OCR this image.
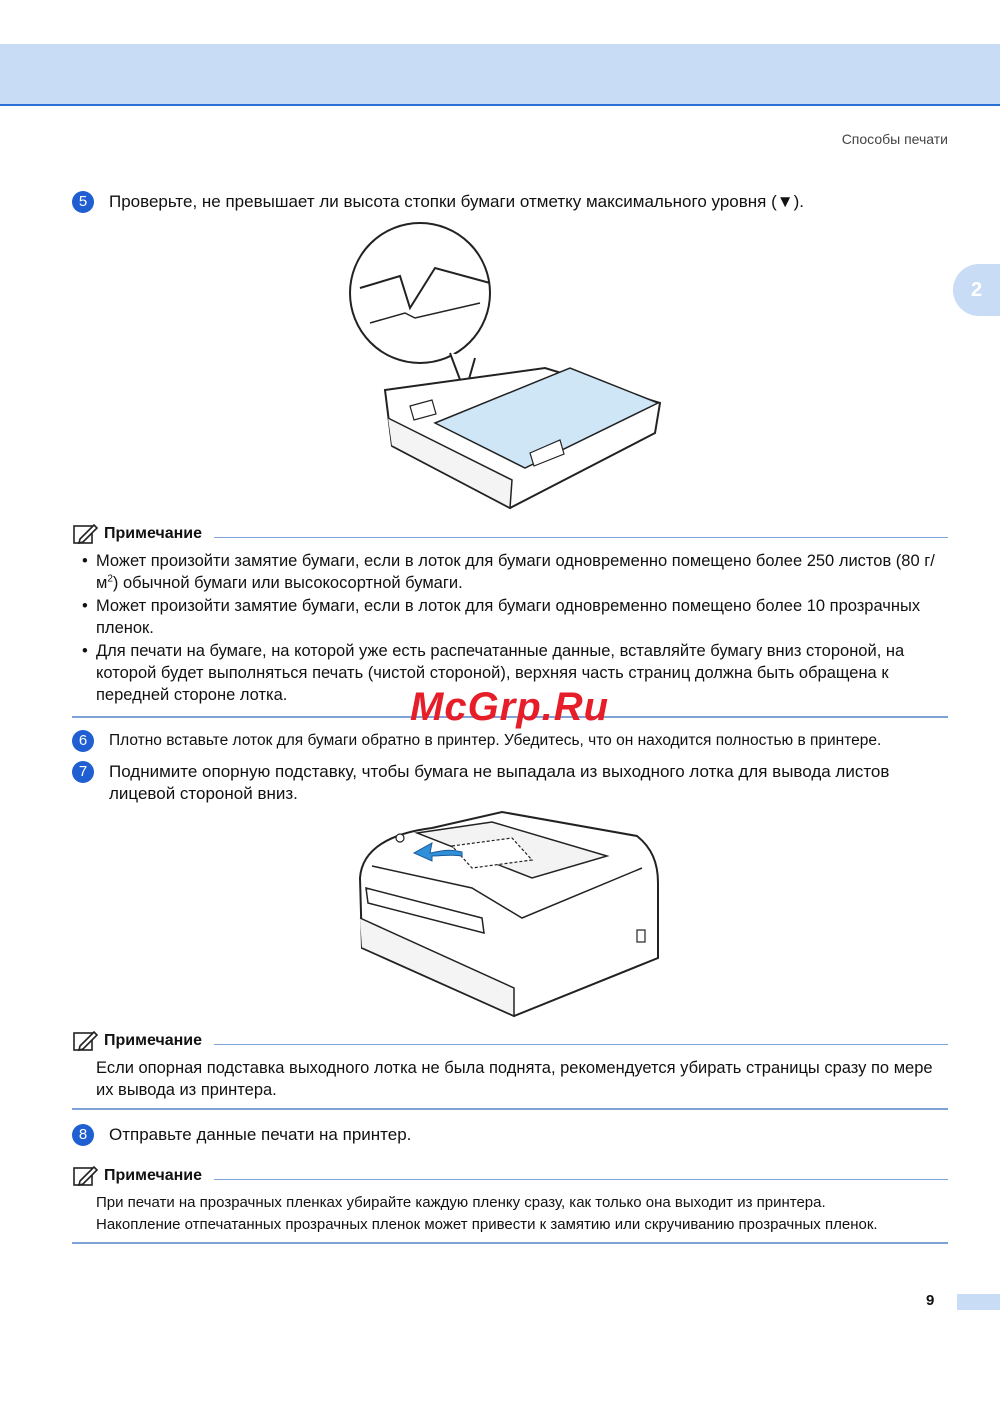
Способы печати
2
5	Проверьте, не превышает ли высота стопки бумаги отметку максимального уровня (▼).
Примечание
• Может произойти замятие бумаги, если в лоток для бумаги одновременно помещено более 250 листов (80 $г/м^2$) обычной бумаги или высокосортной бумаги.
• Может произойти замятие бумаги, если в лоток для бумаги одновременно помещено более 10 прозрачных пленок.
• Для печати на бумаге, на которой уже есть распечатанные данные, вставляйте бумагу вниз стороной, на которой будет выполняться печать (чистой стороной), верхняя часть страниц должна быть обращена к передней стороне лотка.	McGrp.Ru
6	Плотно вставьте лоток для бумаги обратно в принтер. Убедитесь, что он находится полностью в принтере.
7	Поднимите опорную подставку, чтобы бумага не выпадала из выходного лотка для вывода листов лицевой стороной вниз.
Примечание

Если опорная подставка выходного лотка не была поднята, рекомендуется убирать страницы сразу по мере их вывода из принтера.

8	Отправьте данные печати на принтер.
Примечание

При печати на прозрачных пленках убирайте каждую пленку сразу, как только она выходит из принтера.

Накопление отпечатанных прозрачных пленок может привести к замятию или скручиванию прозрачных пленок.

9
